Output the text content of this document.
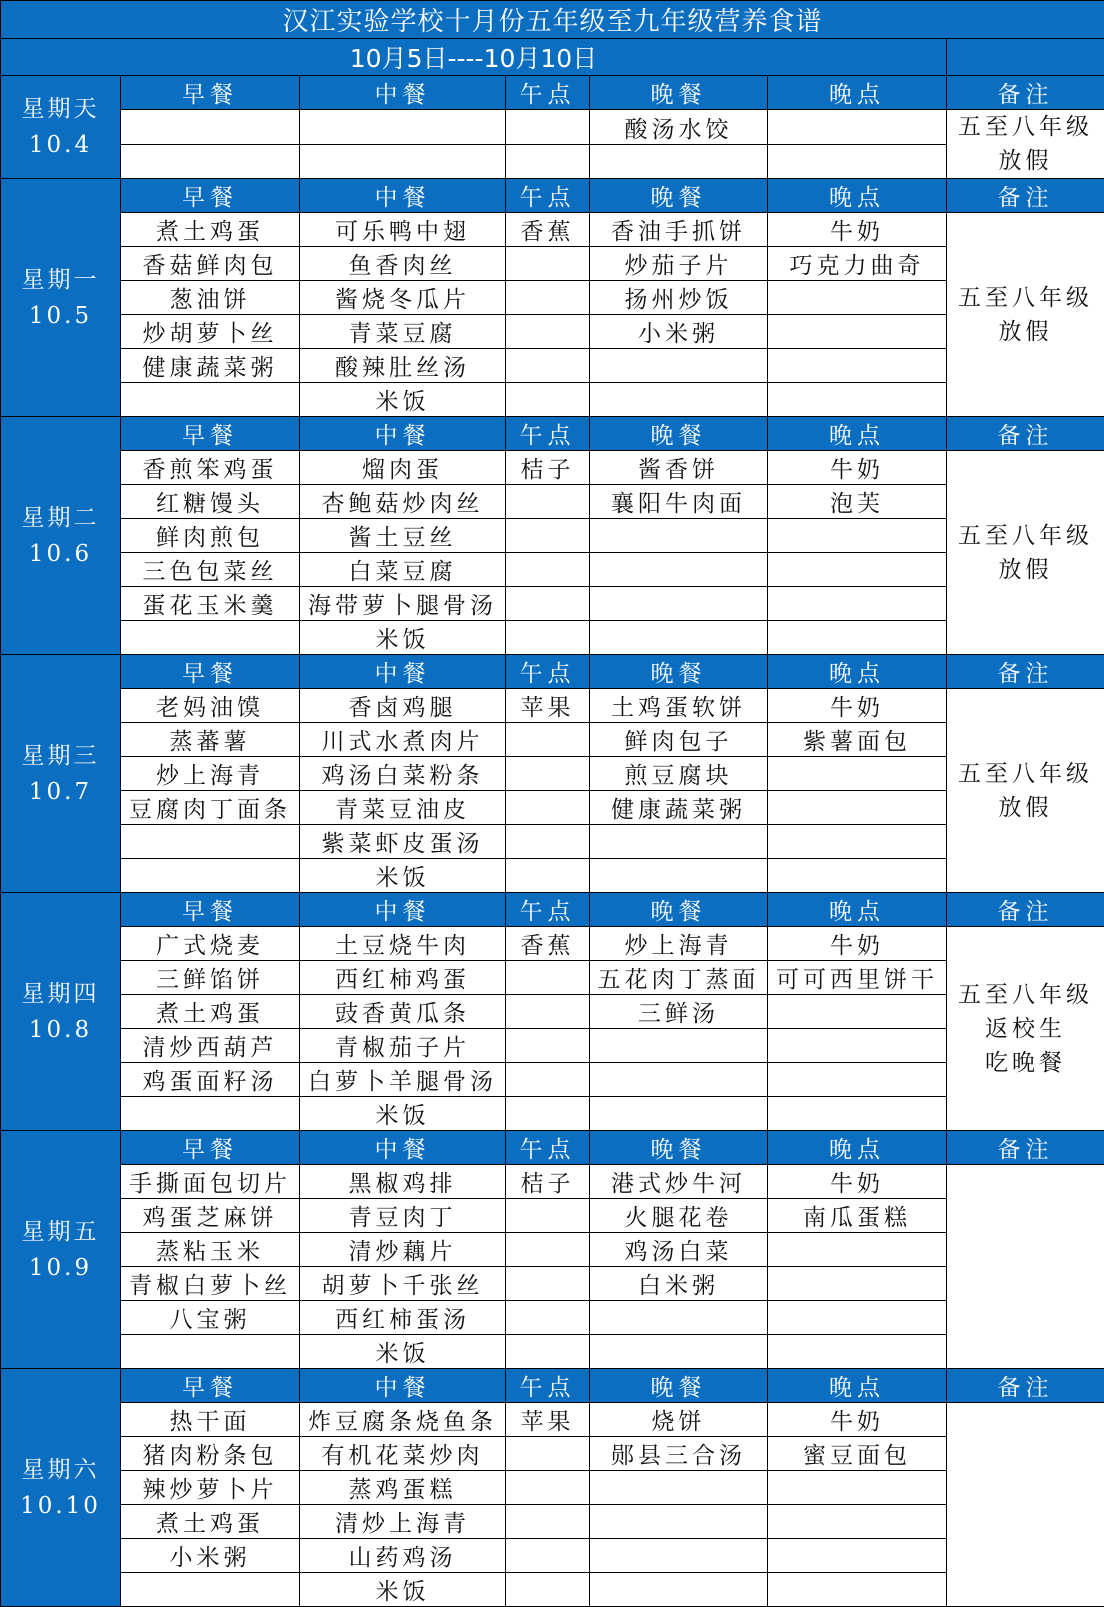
汉江实验学校十月份五年级至九年级营养食谱						
10月5日----10月10日						

星期天
10.4	早餐	中餐	午点	晚餐	晚点	备注
				酸汤水饺		五至八年级
放假

星期一
10.5	早餐	中餐	午点	晚餐	晚点	备注
	煮土鸡蛋	可乐鸭中翅	香蕉	香油手抓饼	牛奶	五至八年级
放假

	香菇鲜肉包	鱼香肉丝		炒茄子片	巧克力曲奇	
	葱油饼	酱烧冬瓜片		扬州炒饭		
	炒胡萝卜丝	青菜豆腐		小米粥		
	健康蔬菜粥	酸辣肚丝汤				
		米饭				

星期二
10.6	早餐	中餐	午点	晚餐	晚点	备注
	香煎笨鸡蛋	熘肉蛋	桔子	酱香饼	牛奶	五至八年级
放假

	红糖馒头	杏鲍菇炒肉丝		襄阳牛肉面	泡芙	
	鲜肉煎包	酱土豆丝				
	三色包菜丝	白菜豆腐				
	蛋花玉米羹	海带萝卜腿骨汤				
		米饭				

星期三
10.7	早餐	中餐	午点	晚餐	晚点	备注
	老妈油馍	香卤鸡腿	苹果	土鸡蛋软饼	牛奶	五至八年级
放假

	蒸蕃薯	川式水煮肉片		鲜肉包子	紫薯面包	
	炒上海青	鸡汤白菜粉条		煎豆腐块		
	豆腐肉丁面条	青菜豆油皮		健康蔬菜粥		
		紫菜虾皮蛋汤				
		米饭				

星期四
10.8	早餐	中餐	午点	晚餐	晚点	备注
	广式烧麦	土豆烧牛肉	香蕉	炒上海青	牛奶	五至八年级
返校生
吃晚餐

	三鲜馅饼	西红柿鸡蛋		五花肉丁蒸面	可可西里饼干	
	煮土鸡蛋	豉香黄瓜条		三鲜汤		
	清炒西葫芦	青椒茄子片				
	鸡蛋面籽汤	白萝卜羊腿骨汤				
		米饭				

星期五
10.9	早餐	中餐	午点	晚餐	晚点	备注
	手撕面包切片	黑椒鸡排	桔子	港式炒牛河	牛奶	
	鸡蛋芝麻饼	青豆肉丁		火腿花卷	南瓜蛋糕	
	蒸粘玉米	清炒藕片		鸡汤白菜		
	青椒白萝卜丝	胡萝卜千张丝		白米粥		
	八宝粥	西红柿蛋汤				
		米饭				

星期六
10.10	早餐	中餐	午点	晚餐	晚点	备注
	热干面	炸豆腐条烧鱼条	苹果	烧饼	牛奶	
	猪肉粉条包	有机花菜炒肉		郧县三合汤	蜜豆面包	
	辣炒萝卜片	蒸鸡蛋糕				
	煮土鸡蛋	清炒上海青				
	小米粥	山药鸡汤				
		米饭				
